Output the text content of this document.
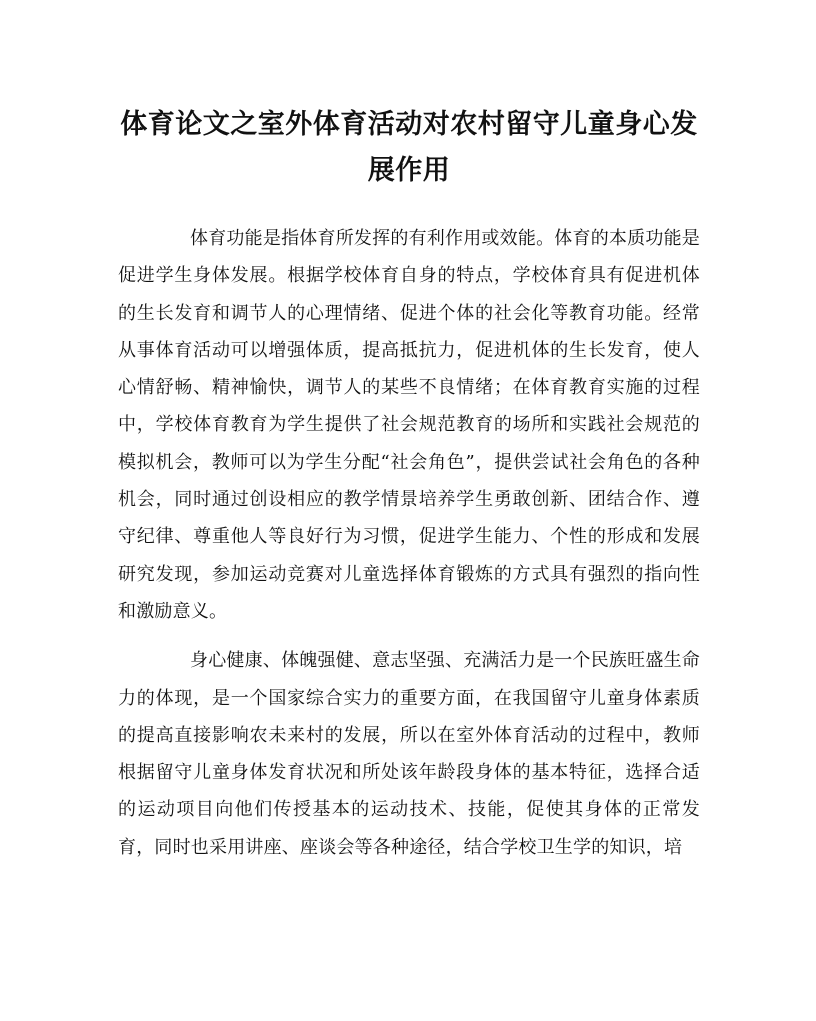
体育论文之室外体育活动对农村留守儿童身心发展作用

体育功能是指体育所发挥的有利作用或效能。体育的本质功能是促进学生身体发展。根据学校体育自身的特点，学校体育具有促进机体的生长发育和调节人的心理情绪、促进个体的社会化等教育功能。经常从事体育活动可以增强体质，提高抵抗力，促进机体的生长发育，使人心情舒畅、精神愉快，调节人的某些不良情绪；在体育教育实施的过程中，学校体育教育为学生提供了社会规范教育的场所和实践社会规范的模拟机会，教师可以为学生分配“社会角色”，提供尝试社会角色的各种机会，同时通过创设相应的教学情景培养学生勇敢创新、团结合作、遵守纪律、尊重他人等良好行为习惯，促进学生能力、个性的形成和发展研究发现，参加运动竞赛对儿童选择体育锻炼的方式具有强烈的指向性和激励意义。

身心健康、体魄强健、意志坚强、充满活力是一个民族旺盛生命力的体现，是一个国家综合实力的重要方面，在我国留守儿童身体素质的提高直接影响农未来村的发展，所以在室外体育活动的过程中，教师根据留守儿童身体发育状况和所处该年龄段身体的基本特征，选择合适的运动项目向他们传授基本的运动技术、技能，促使其身体的正常发育，同时也采用讲座、座谈会等各种途径，结合学校卫生学的知识，培
